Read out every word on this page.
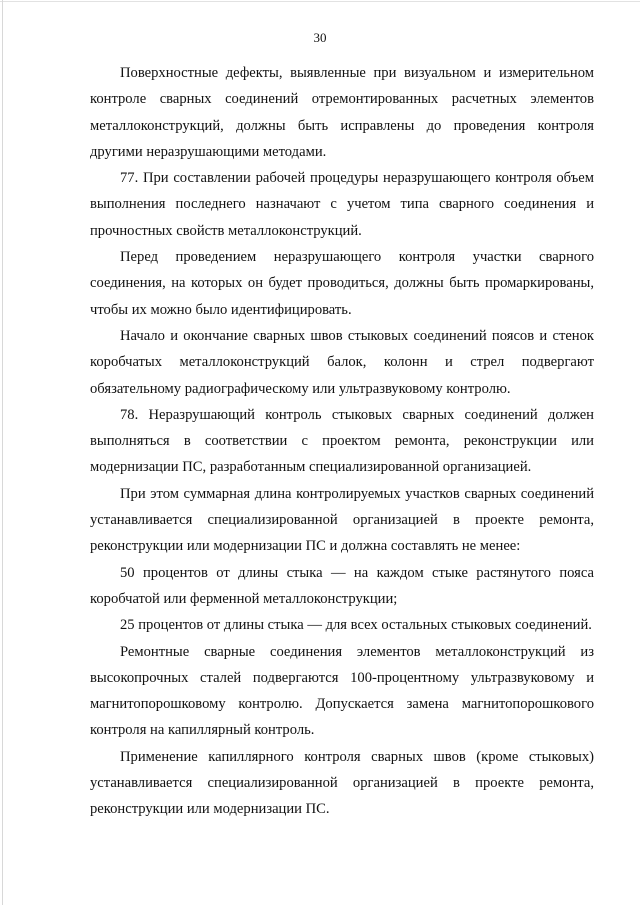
30

Поверхностные дефекты, выявленные при визуальном и измерительном контроле сварных соединений отремонтированных расчетных элементов металлоконструкций, должны быть исправлены до проведения контроля другими неразрушающими методами.

77. При составлении рабочей процедуры неразрушающего контроля объем выполнения последнего назначают с учетом типа сварного соединения и прочностных свойств металлоконструкций.

Перед проведением неразрушающего контроля участки сварного соединения, на которых он будет проводиться, должны быть промаркированы, чтобы их можно было идентифицировать.

Начало и окончание сварных швов стыковых соединений поясов и стенок коробчатых металлоконструкций балок, колонн и стрел подвергают обязательному радиографическому или ультразвуковому контролю.

78. Неразрушающий контроль стыковых сварных соединений должен выполняться в соответствии с проектом ремонта, реконструкции или модернизации ПС, разработанным специализированной организацией.

При этом суммарная длина контролируемых участков сварных соединений устанавливается специализированной организацией в проекте ремонта, реконструкции или модернизации ПС и должна составлять не менее:

50 процентов от длины стыка — на каждом стыке растянутого пояса коробчатой или ферменной металлоконструкции;

25 процентов от длины стыка — для всех остальных стыковых соединений.

Ремонтные сварные соединения элементов металлоконструкций из высокопрочных сталей подвергаются 100-процентному ультразвуковому и магнитопорошковому контролю. Допускается замена магнитопорошкового контроля на капиллярный контроль.

Применение капиллярного контроля сварных швов (кроме стыковых) устанавливается специализированной организацией в проекте ремонта, реконструкции или модернизации ПС.
